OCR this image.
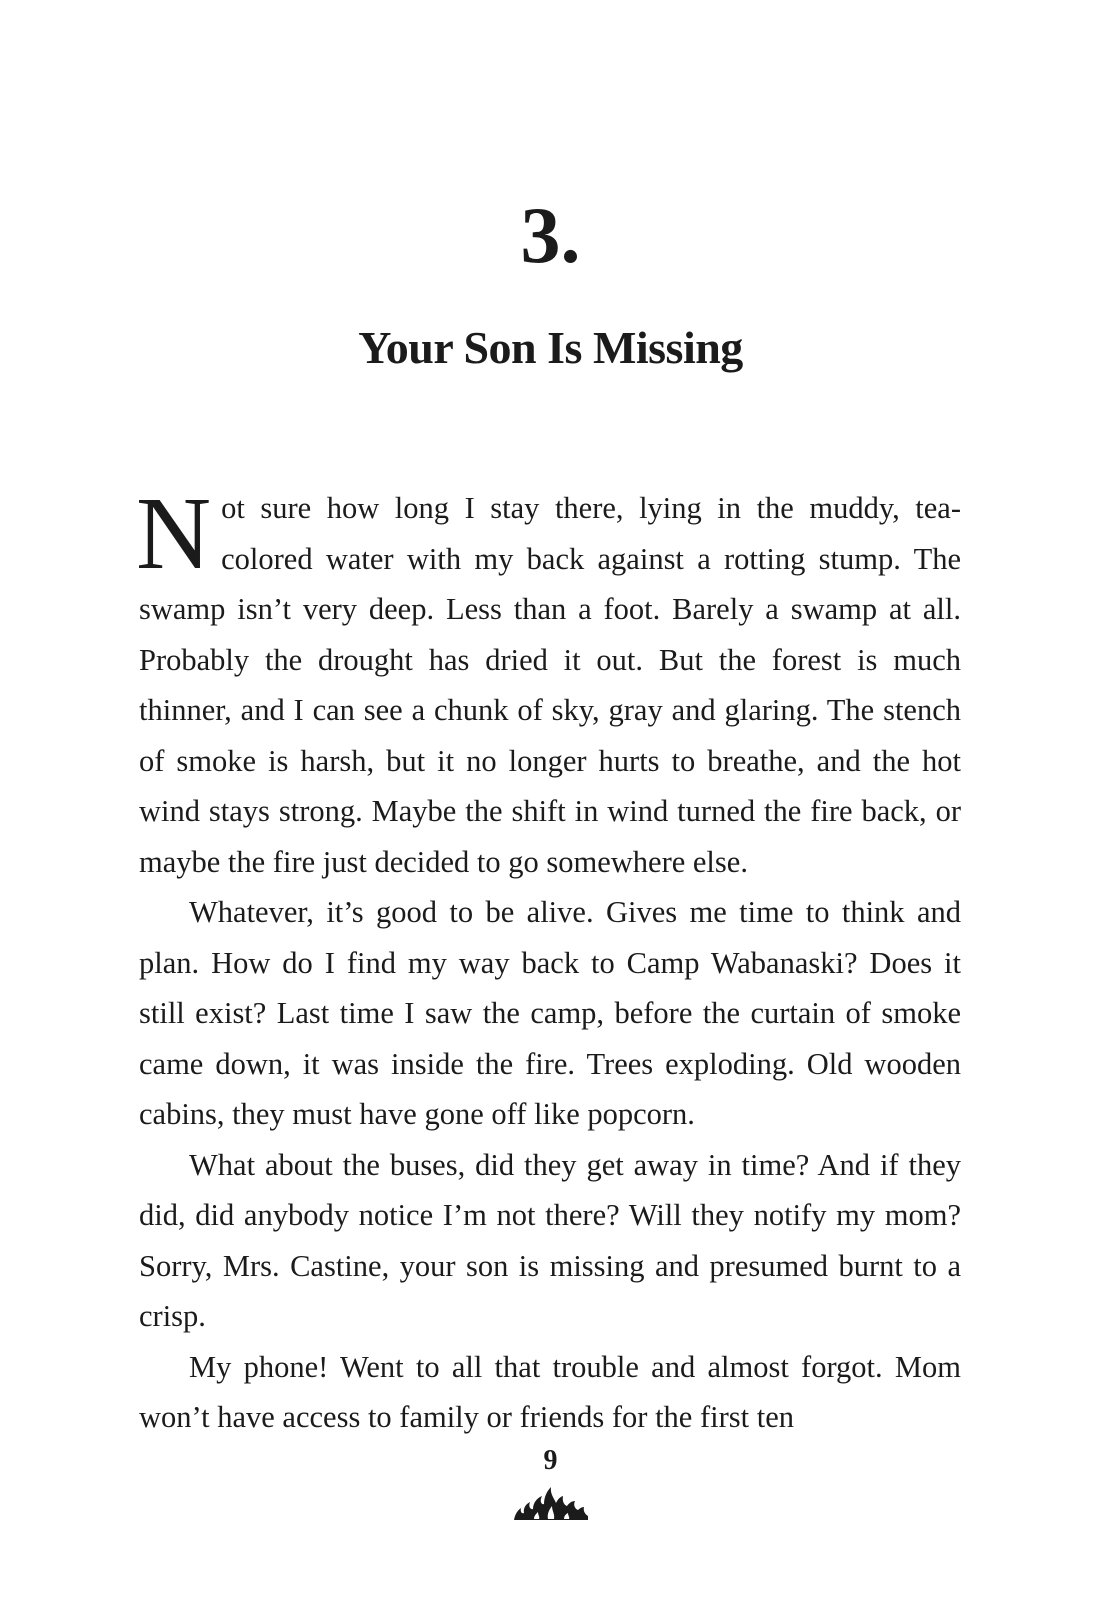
3.
Your Son Is Missing

Not sure how long I stay there, lying in the muddy, tea-colored water with my back against a rotting stump. The swamp isn’t very deep. Less than a foot. Barely a swamp at all. Probably the drought has dried it out. But the forest is much thinner, and I can see a chunk of sky, gray and glaring. The stench of smoke is harsh, but it no longer hurts to breathe, and the hot wind stays strong. Maybe the shift in wind turned the fire back, or maybe the fire just decided to go somewhere else.

Whatever, it’s good to be alive. Gives me time to think and plan. How do I find my way back to Camp Wabanaski? Does it still exist? Last time I saw the camp, before the curtain of smoke came down, it was inside the fire. Trees exploding. Old wooden cabins, they must have gone off like popcorn.

What about the buses, did they get away in time? And if they did, did anybody notice I’m not there? Will they notify my mom? Sorry, Mrs. Castine, your son is missing and presumed burnt to a crisp.

My phone! Went to all that trouble and almost forgot. Mom won’t have access to family or friends for the first ten

9
